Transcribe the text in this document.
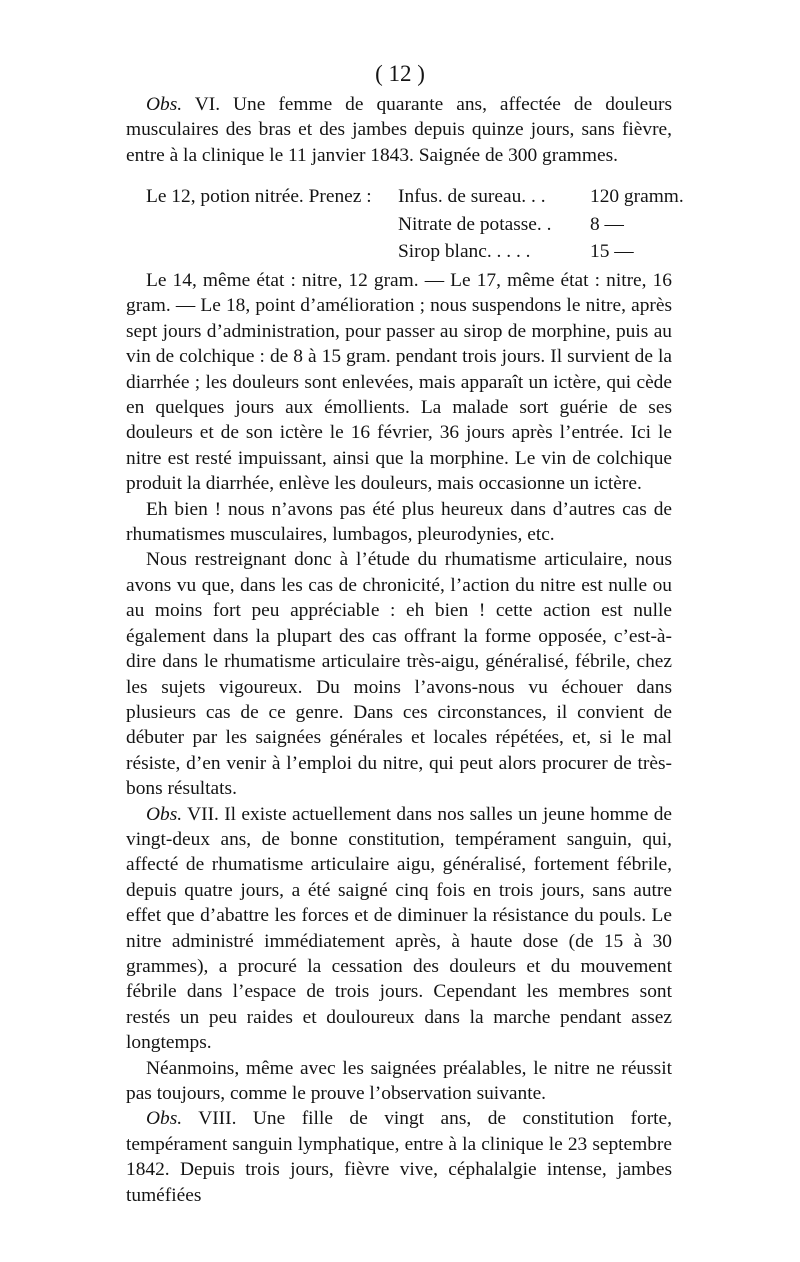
( 12 )

Obs. VI. Une femme de quarante ans, affectée de douleurs musculaires des bras et des jambes depuis quinze jours, sans fièvre, entre à la clinique le 11 janvier 1843. Saignée de 300 grammes.

Le 12, potion nitrée. Prenez : Infus. de sureau. . . 120 gramm.
Nitrate de potasse. . 8 —
Sirop blanc. . . . .	15 —

Le 14, même état : nitre, 12 gram. — Le 17, même état : nitre, 16 gram. — Le 18, point d’amélioration ; nous suspendons le nitre, après sept jours d’administration, pour passer au sirop de morphine, puis au vin de colchique : de 8 à 15 gram. pendant trois jours. Il survient de la diarrhée ; les douleurs sont enlevées, mais apparaît un ictère, qui cède en quelques jours aux émollients. La malade sort guérie de ses douleurs et de son ictère le 16 février, 36 jours après l’entrée. Ici le nitre est resté impuissant, ainsi que la morphine. Le vin de colchique produit la diarrhée, enlève les douleurs, mais occasionne un ictère.

Eh bien ! nous n’avons pas été plus heureux dans d’autres cas de rhumatismes musculaires, lumbagos, pleurodynies, etc.

Nous restreignant donc à l’étude du rhumatisme articulaire, nous avons vu que, dans les cas de chronicité, l’action du nitre est nulle ou au moins fort peu appréciable : eh bien ! cette action est nulle également dans la plupart des cas offrant la forme opposée, c’est-à-dire dans le rhumatisme articulaire très-aigu, généralisé, fébrile, chez les sujets vigoureux. Du moins l’avons-nous vu échouer dans plusieurs cas de ce genre. Dans ces circonstances, il convient de débuter par les saignées générales et locales répétées, et, si le mal résiste, d’en venir à l’emploi du nitre, qui peut alors procurer de très-bons résultats.

Obs. VII. Il existe actuellement dans nos salles un jeune homme de vingt-deux ans, de bonne constitution, tempérament sanguin, qui, affecté de rhumatisme articulaire aigu, généralisé, fortement fébrile, depuis quatre jours, a été saigné cinq fois en trois jours, sans autre effet que d’abattre les forces et de diminuer la résistance du pouls. Le nitre administré immédiatement après, à haute dose (de 15 à 30 grammes), a procuré la cessation des douleurs et du mouvement fébrile dans l’espace de trois jours. Cependant les membres sont restés un peu raides et douloureux dans la marche pendant assez longtemps.

Néanmoins, même avec les saignées préalables, le nitre ne réussit pas toujours, comme le prouve l’observation suivante.

Obs. VIII. Une fille de vingt ans, de constitution forte, tempérament sanguin lymphatique, entre à la clinique le 23 septembre 1842. Depuis trois jours, fièvre vive, céphalalgie intense, jambes tuméfiées
